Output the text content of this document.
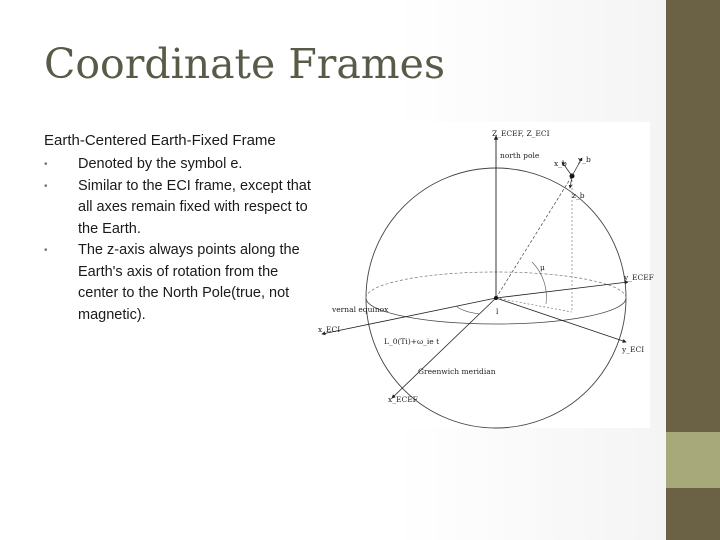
Coordinate Frames
Earth-Centered Earth-Fixed Frame
• Denoted by the symbol e.
• Similar to the ECI frame, except that all axes remain fixed with respect to the Earth.
• The z-axis always points along the Earth's axis of rotation from the center to the North Pole(true, not magnetic).
Z_ECEF, Z_ECI
north pole
x_b y_b
z_b
μ
l
y_ECEF
y_ECI
vernal equinox
x_ECI
L_0(Ti)+ω_ie t
Greenwich meridian
x_ECEF
